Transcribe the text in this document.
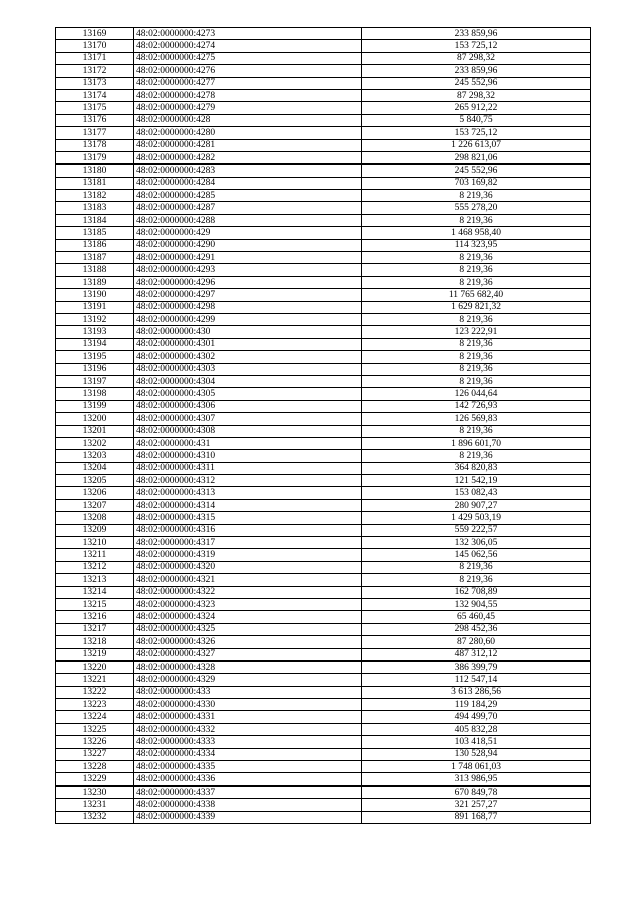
13169	48:02:0000000:4273	233 859,96
13170	48:02:0000000:4274	153 725,12
13171	48:02:0000000:4275	87 298,32
13172	48:02:0000000:4276	233 859,96
13173	48:02:0000000:4277	245 552,96
13174	48:02:0000000:4278	87 298,32
13175	48:02:0000000:4279	265 912,22
13176	48:02:0000000:428	5 840,75
13177	48:02:0000000:4280	153 725,12
13178	48:02:0000000:4281	1 226 613,07
13179	48:02:0000000:4282	298 821,06
13180	48:02:0000000:4283	245 552,96
13181	48:02:0000000:4284	703 169,82
13182	48:02:0000000:4285	8 219,36
13183	48:02:0000000:4287	555 278,20
13184	48:02:0000000:4288	8 219,36
13185	48:02:0000000:429	1 468 958,40
13186	48:02:0000000:4290	114 323,95
13187	48:02:0000000:4291	8 219,36
13188	48:02:0000000:4293	8 219,36
13189	48:02:0000000:4296	8 219,36
13190	48:02:0000000:4297	11 765 682,40
13191	48:02:0000000:4298	1 629 821,32
13192	48:02:0000000:4299	8 219,36
13193	48:02:0000000:430	123 222,91
13194	48:02:0000000:4301	8 219,36
13195	48:02:0000000:4302	8 219,36
13196	48:02:0000000:4303	8 219,36
13197	48:02:0000000:4304	8 219,36
13198	48:02:0000000:4305	126 044,64
13199	48:02:0000000:4306	142 726,93
13200	48:02:0000000:4307	126 569,83
13201	48:02:0000000:4308	8 219,36
13202	48:02:0000000:431	1 896 601,70
13203	48:02:0000000:4310	8 219,36
13204	48:02:0000000:4311	364 820,83
13205	48:02:0000000:4312	121 542,19
13206	48:02:0000000:4313	153 082,43
13207	48:02:0000000:4314	280 907,27
13208	48:02:0000000:4315	1 429 503,19
13209	48:02:0000000:4316	559 222,57
13210	48:02:0000000:4317	132 306,05
13211	48:02:0000000:4319	145 062,56
13212	48:02:0000000:4320	8 219,36
13213	48:02:0000000:4321	8 219,36
13214	48:02:0000000:4322	162 708,89
13215	48:02:0000000:4323	132 904,55
13216	48:02:0000000:4324	65 460,45
13217	48:02:0000000:4325	298 452,36
13218	48:02:0000000:4326	87 280,60
13219	48:02:0000000:4327	487 312,12
13220	48:02:0000000:4328	386 399,79
13221	48:02:0000000:4329	112 547,14
13222	48:02:0000000:433	3 613 286,56
13223	48:02:0000000:4330	119 184,29
13224	48:02:0000000:4331	494 499,70
13225	48:02:0000000:4332	405 832,28
13226	48:02:0000000:4333	103 418,51
13227	48:02:0000000:4334	130 528,94
13228	48:02:0000000:4335	1 748 061,03
13229	48:02:0000000:4336	313 986,95
13230	48:02:0000000:4337	670 849,78
13231	48:02:0000000:4338	321 257,27
13232	48:02:0000000:4339	891 168,77
